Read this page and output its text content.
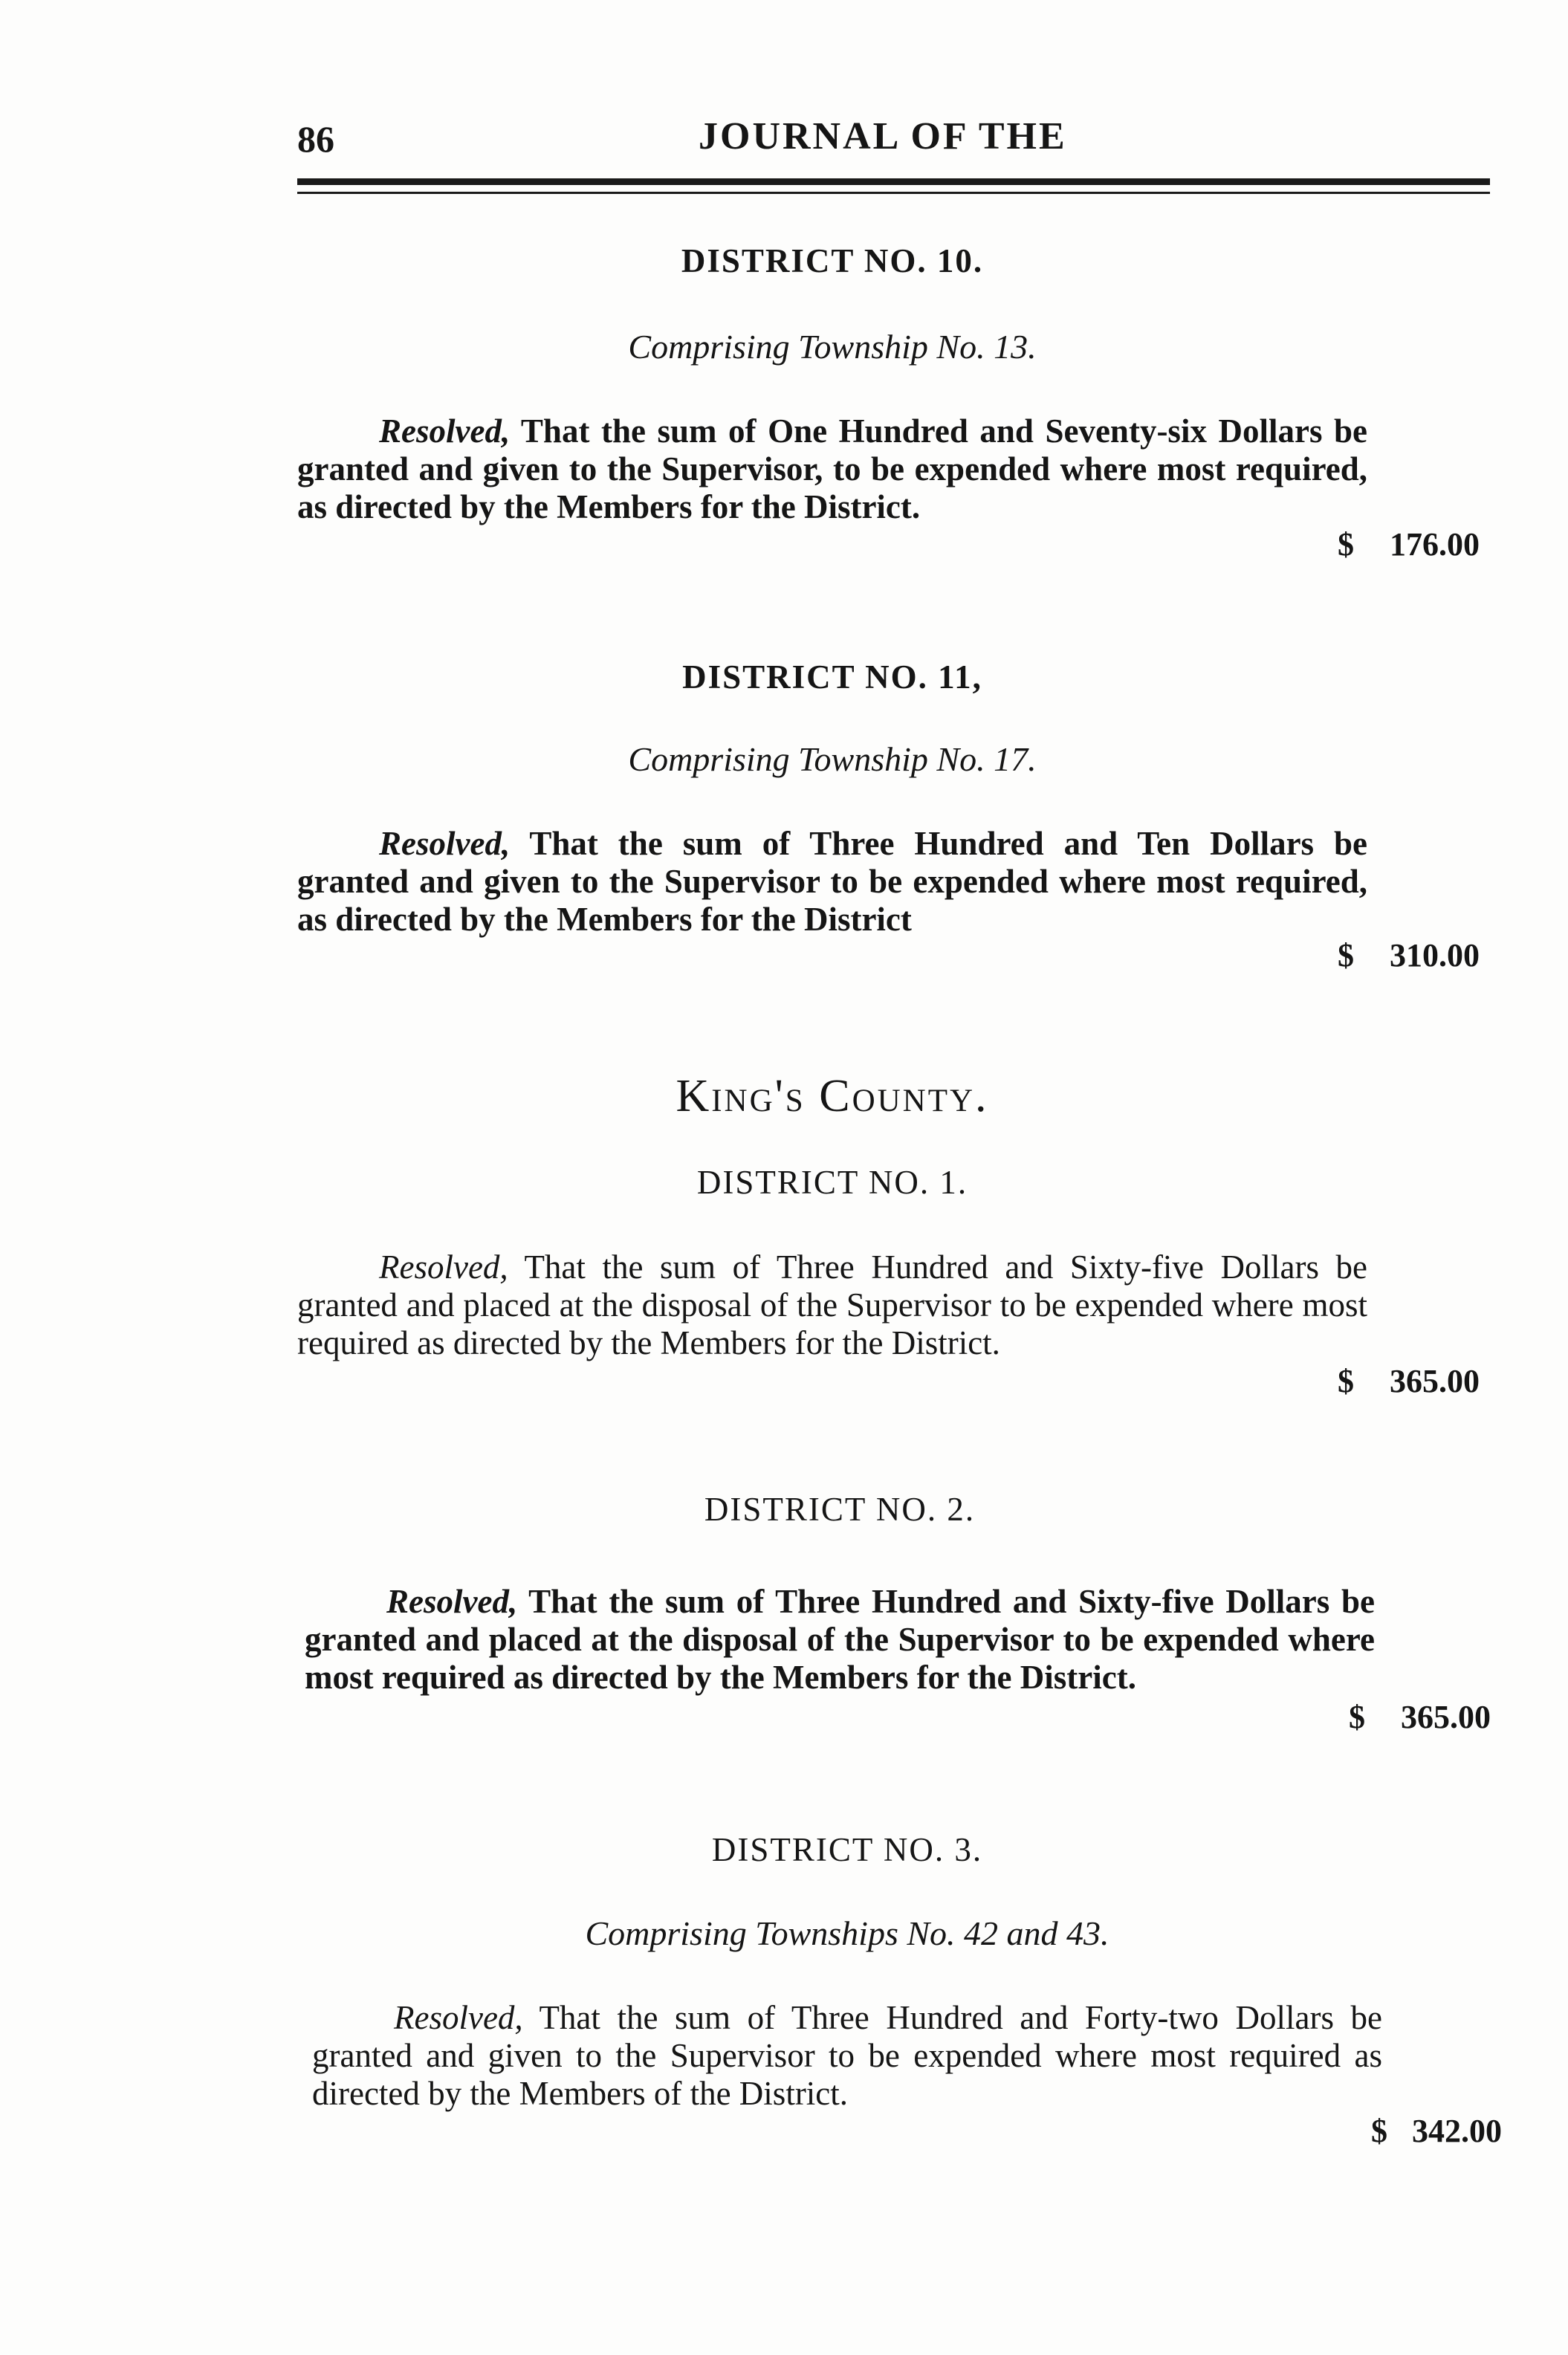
86	JOURNAL OF THE
DISTRICT NO. 10.
Comprising Township No. 13.
Resolved, That the sum of One Hundred and Seventy-six Dollars be granted and given to the Supervisor, to be expended where most required, as directed by the Members for the District.
$ 176.00
DISTRICT NO. 11,
Comprising Township No. 17.
Resolved, That the sum of Three Hundred and Ten Dollars be granted and given to the Supervisor to be expended where most required, as directed by the Members for the District
$ 310.00
King's County.
DISTRICT NO. 1.
Resolved, That the sum of Three Hundred and Sixty-five Dollars be granted and placed at the disposal of the Supervisor to be expended where most required as directed by the Members for the District.
$ 365.00
DISTRICT NO. 2.
Resolved, That the sum of Three Hundred and Sixty-five Dollars be granted and placed at the disposal of the Supervisor to be expended where most required as directed by the Members for the District.
$ 365.00
DISTRICT NO. 3.
Comprising Townships No. 42 and 43.
Resolved, That the sum of Three Hundred and Forty-two Dollars be granted and given to the Supervisor to be expended where most required as directed by the Members of the District.
$ 342.00
